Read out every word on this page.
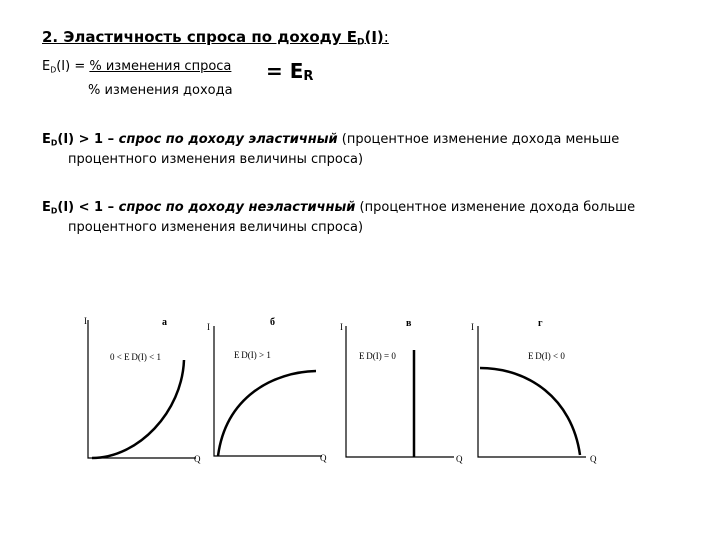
2. Эластичность спроса по доходу $Е_D(I)$:
$Е_D(I)$ = % изменения спроса
% изменения дохода
= $Е_R$
$Е_D(I) > 1$ – спрос по доходу эластичный (процентное изменение дохода меньше
процентного изменения величины спроса)
$Е_D(I) < 1$ – спрос по доходу неэластичный (процентное изменение дохода больше
процентного изменения величины спроса)
I	а
0 < E D(I) < 1
Q
I	б
E D(I) > 1
Q
I	в
E D(I) = 0
Q
I	г
E D(I) < 0
Q
